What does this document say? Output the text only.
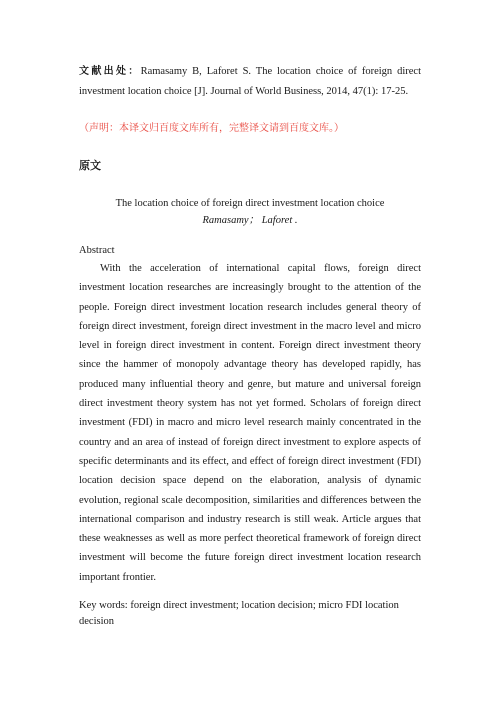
文献出处：Ramasamy B, Laforet S. The location choice of foreign direct investment location choice [J]. Journal of World Business, 2014, 47(1): 17-25.
（声明：本译文归百度文库所有，完整译文请到百度文库。）
原文
The location choice of foreign direct investment location choice
Ramasamy； Laforet .
Abstract

With the acceleration of international capital flows, foreign direct investment location researches are increasingly brought to the attention of the people. Foreign direct investment location research includes general theory of foreign direct investment, foreign direct investment in the macro level and micro level in foreign direct investment in content. Foreign direct investment theory since the hammer of monopoly advantage theory has developed rapidly, has produced many influential theory and genre, but mature and universal foreign direct investment theory system has not yet formed. Scholars of foreign direct investment (FDI) in macro and micro level research mainly concentrated in the country and an area of instead of foreign direct investment to explore aspects of specific determinants and its effect, and effect of foreign direct investment (FDI) location decision space depend on the elaboration, analysis of dynamic evolution, regional scale decomposition, similarities and differences between the international comparison and industry research is still weak. Article argues that these weaknesses as well as more perfect theoretical framework of foreign direct investment will become the future foreign direct investment location research important frontier.

Key words: foreign direct investment; location decision; micro FDI location decision
